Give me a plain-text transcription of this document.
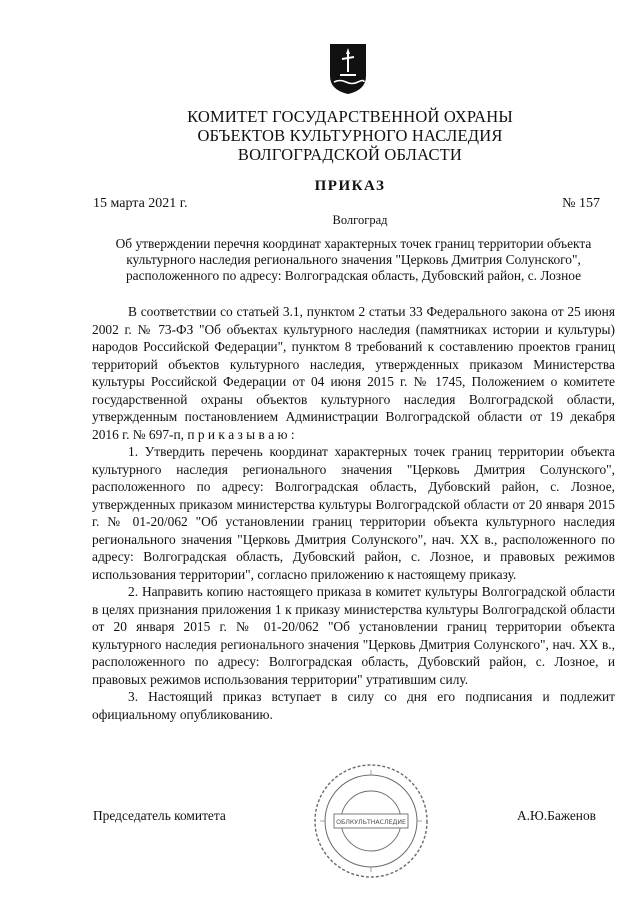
КОМИТЕТ ГОСУДАРСТВЕННОЙ ОХРАНЫ
ОБЪЕКТОВ КУЛЬТУРНОГО НАСЛЕДИЯ
ВОЛГОГРАДСКОЙ ОБЛАСТИ
ПРИКАЗ
15 марта 2021 г.	№ 157
Волгоград
Об утверждении перечня координат характерных точек границ территории объекта культурного наследия регионального значения "Церковь Дмитрия Солунского", расположенного по адресу: Волгоградская область, Дубовский район, с. Лозное

В соответствии со статьей 3.1, пунктом 2 статьи 33 Федерального закона от 25 июня 2002 г. № 73-ФЗ "Об объектах культурного наследия (памятниках истории и культуры) народов Российской Федерации", пунктом 8 требований к составлению проектов границ территорий объектов культурного наследия, утвержденных приказом Министерства культуры Российской Федерации от 04 июня 2015 г. № 1745, Положением о комитете государственной охраны объектов культурного наследия Волгоградской области, утвержденным постановлением Администрации Волгоградской области от 19 декабря 2016 г. № 697-п, п р и к а з ы в а ю :

1. Утвердить перечень координат характерных точек границ территории объекта культурного наследия регионального значения "Церковь Дмитрия Солунского", расположенного по адресу: Волгоградская область, Дубовский район, с. Лозное, утвержденных приказом министерства культуры Волгоградской области от 20 января 2015 г. № 01-20/062 "Об установлении границ территории объекта культурного наследия регионального значения "Церковь Дмитрия Солунского", нач. XX в., расположенного по адресу: Волгоградская область, Дубовский район, с. Лозное, и правовых режимов использования территории", согласно приложению к настоящему приказу.

2. Направить копию настоящего приказа в комитет культуры Волгоградской области в целях признания приложения 1 к приказу министерства культуры Волгоградской области от 20 января 2015 г. № 01-20/062 "Об установлении границ территории объекта культурного наследия регионального значения "Церковь Дмитрия Солунского", нач. XX в., расположенного по адресу: Волгоградская область, Дубовский район, с. Лозное, и правовых режимов использования территории" утратившим силу.

3. Настоящий приказ вступает в силу со дня его подписания и подлежит официальному опубликованию.

Председатель комитета	А.Ю.Баженов
ОБЛКУЛЬТНАСЛЕДИЕ
